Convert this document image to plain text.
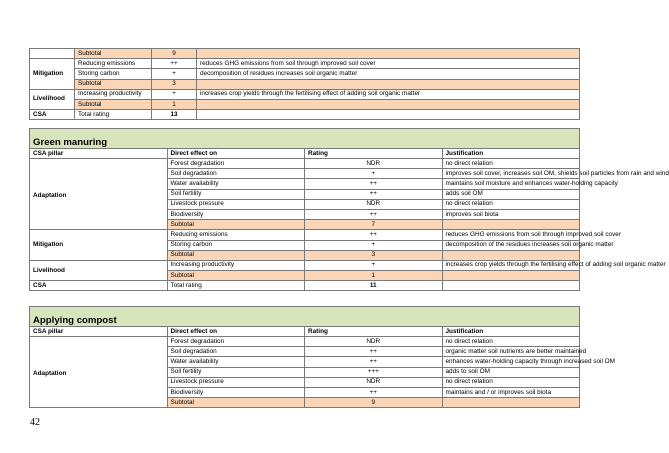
	Subtotal	9	
Mitigation	Reducing emissions	++	reduces GHG emissions from soil through improved soil cover
	Storing carbon	+	decomposition of residues increases soil organic matter
	Subtotal	3	
Livelihood	Increasing productivity	+	increases crop yields through the fertilising effect of adding soil organic matter
	Subtotal	1	
CSA	Total rating	13	
Green manuring			
CSA pillar	Direct effect on	Rating	Justification
Adaptation	Forest degradation	NDR	no direct relation
	Soil degradation	+	improves soil cover, increases soil OM, shields soil particles from rain and wind
	Water availability	++	maintains soil moisture and enhances water-holding capacity
	Soil fertility	++	adds soil OM
	Livestock pressure	NDR	no direct relation
	Biodiversity	++	improves soil biota
	Subtotal	7	
Mitigation	Reducing emissions	++	reduces GHG emissions from soil through improved soil cover
	Storing carbon	+	decomposition of the residues increases soil organic matter
	Subtotal	3	
Livelihood	Increasing productivity	+	increases crop yields through the fertilising effect of adding soil organic matter
	Subtotal	1	
CSA	Total rating	11	
Applying compost			
CSA pillar	Direct effect on	Rating	Justification
Adaptation	Forest degradation	NDR	no direct relation
	Soil degradation	++	organic matter soil nutrients are better maintained
	Water availability	++	enhances water-holding capacity through increased soil OM
	Soil fertility	+++	adds to soil OM
	Livestock pressure	NDR	no direct relation
	Biodiversity	++	maintains and / or improves soil biota
	Subtotal	9	
42
